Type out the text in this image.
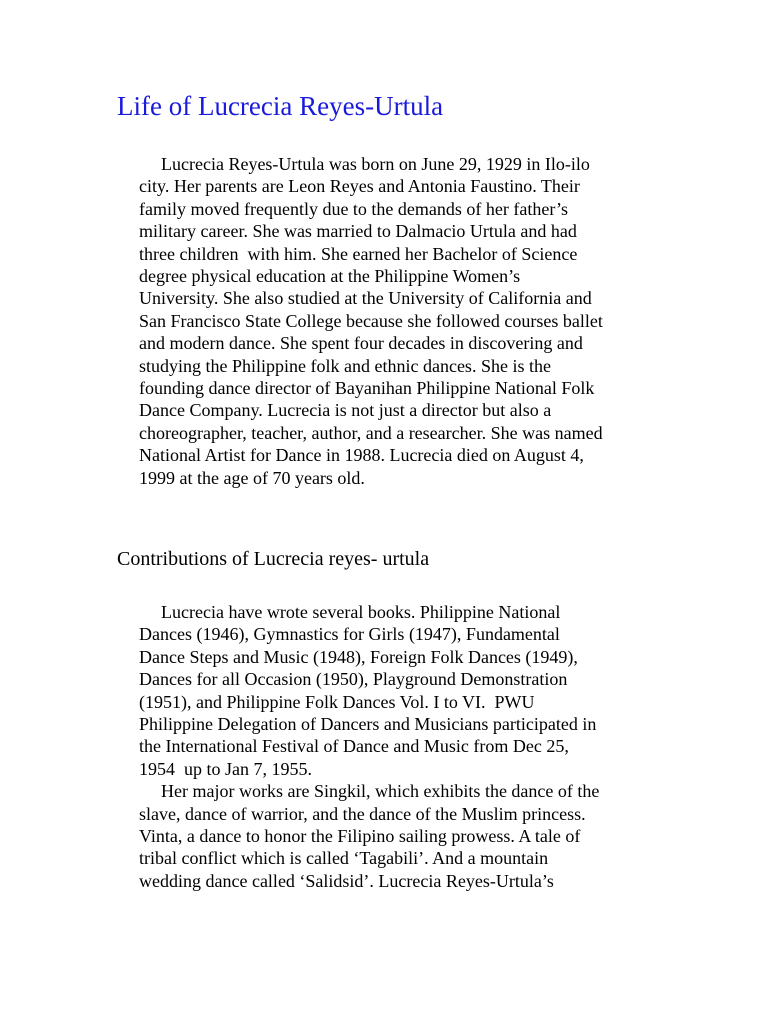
Life of Lucrecia Reyes-Urtula

Lucrecia Reyes-Urtula was born on June 29, 1929 in Ilo-ilo
city. Her parents are Leon Reyes and Antonia Faustino. Their
family moved frequently due to the demands of her father’s
military career. She was married to Dalmacio Urtula and had
three children  with him. She earned her Bachelor of Science
degree physical education at the Philippine Women’s
University. She also studied at the University of California and
San Francisco State College because she followed courses ballet
and modern dance. She spent four decades in discovering and
studying the Philippine folk and ethnic dances. She is the
founding dance director of Bayanihan Philippine National Folk
Dance Company. Lucrecia is not just a director but also a
choreographer, teacher, author, and a researcher. She was named
National Artist for Dance in 1988. Lucrecia died on August 4,
1999 at the age of 70 years old.

Contributions of Lucrecia reyes- urtula

Lucrecia have wrote several books. Philippine National
Dances (1946), Gymnastics for Girls (1947), Fundamental
Dance Steps and Music (1948), Foreign Folk Dances (1949),
Dances for all Occasion (1950), Playground Demonstration
(1951), and Philippine Folk Dances Vol. I to VI.  PWU
Philippine Delegation of Dancers and Musicians participated in
the International Festival of Dance and Music from Dec 25,
1954  up to Jan 7, 1955.

Her major works are Singkil, which exhibits the dance of the
slave, dance of warrior, and the dance of the Muslim princess.
Vinta, a dance to honor the Filipino sailing prowess. A tale of
tribal conflict which is called ‘Tagabili’. And a mountain
wedding dance called ‘Salidsid’. Lucrecia Reyes-Urtula’s
